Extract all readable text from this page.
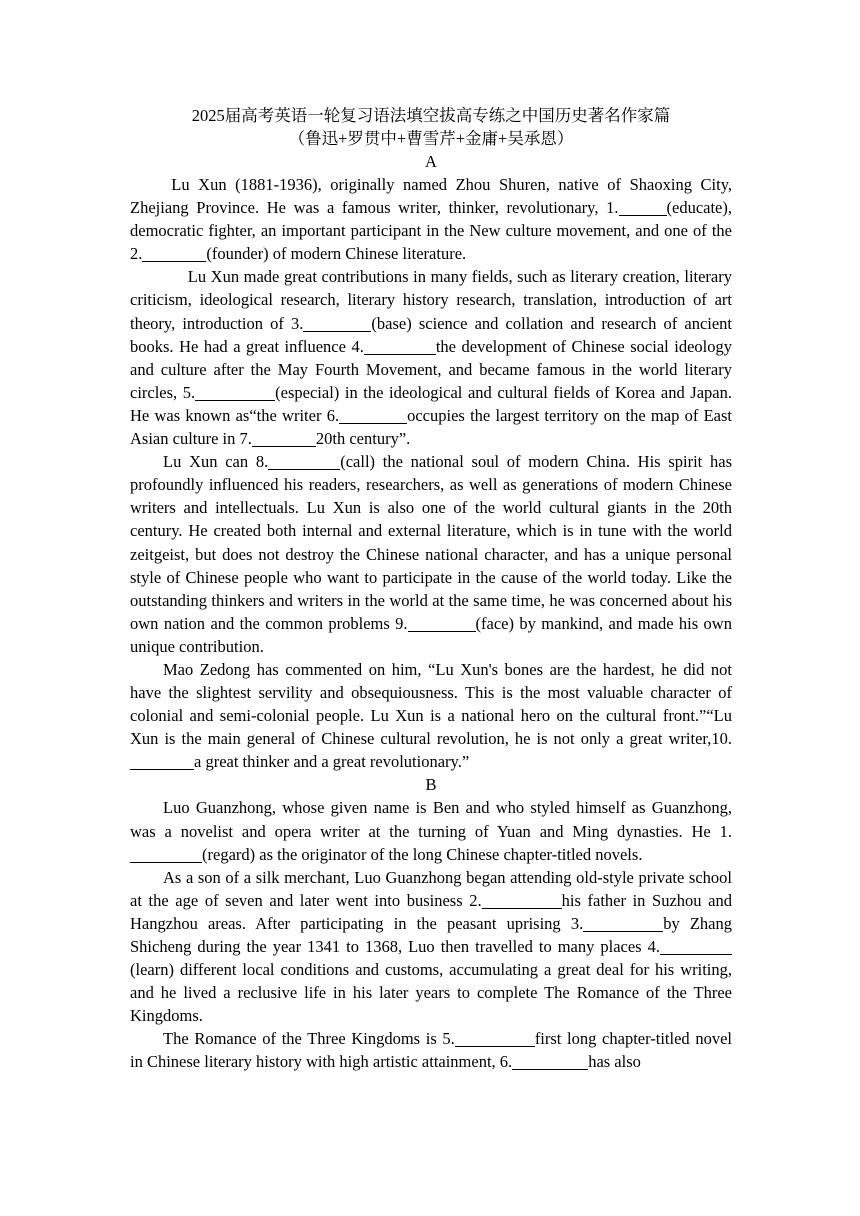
2025届高考英语一轮复习语法填空拔高专练之中国历史著名作家篇

（鲁迅+罗贯中+曹雪芹+金庸+吴承恩）

A

Lu Xun (1881-1936), originally named Zhou Shuren, native of Shaoxing City, Zhejiang Province. He was a famous writer, thinker, revolutionary, 1.	(educate), democratic fighter, an important participant in the New culture movement, and one of the 2.	(founder) of modern Chinese literature.

Lu Xun made great contributions in many fields, such as literary creation, literary criticism, ideological research, literary history research, translation, introduction of art theory, introduction of 3.	(base) science and collation and research of ancient books. He had a great influence 4.	the development of Chinese social ideology and culture after the May Fourth Movement, and became famous in the world literary circles, 5.	(especial) in the ideological and cultural fields of Korea and Japan. He was known as“the writer 6.	occupies the largest territory on the map of East Asian culture in 7.	20th century”.

Lu Xun can 8.	(call) the national soul of modern China. His spirit has profoundly influenced his readers, researchers, as well as generations of modern Chinese writers and intellectuals. Lu Xun is also one of the world cultural giants in the 20th century. He created both internal and external literature, which is in tune with the world zeitgeist, but does not destroy the Chinese national character, and has a unique personal style of Chinese people who want to participate in the cause of the world today. Like the outstanding thinkers and writers in the world at the same time, he was concerned about his own nation and the common problems 9.	(face) by mankind, and made his own unique contribution.

Mao Zedong has commented on him, “Lu Xun's bones are the hardest, he did not have the slightest servility and obsequiousness. This is the most valuable character of colonial and semi-colonial people. Lu Xun is a national hero on the cultural front.”“Lu Xun is the main general of Chinese cultural revolution, he is not only a great writer,10.a great thinker and a great revolutionary.”

B

Luo Guanzhong, whose given name is Ben and who styled himself as Guanzhong, was a novelist and opera writer at the turning of Yuan and Ming dynasties. He 1.(regard) as the originator of the long Chinese chapter-titled novels.

As a son of a silk merchant, Luo Guanzhong began attending old-style private school at the age of seven and later went into business 2.	his father in Suzhou and Hangzhou areas. After participating in the peasant uprising 3.	by Zhang Shicheng during the year 1341 to 1368, Luo then travelled to many places 4.(learn) different local conditions and customs, accumulating a great deal for his writing, and he lived a reclusive life in his later years to complete The Romance of the Three Kingdoms.

The Romance of the Three Kingdoms is 5.	first long chapter-titled novel in Chinese literary history with high artistic attainment, 6.	has also
